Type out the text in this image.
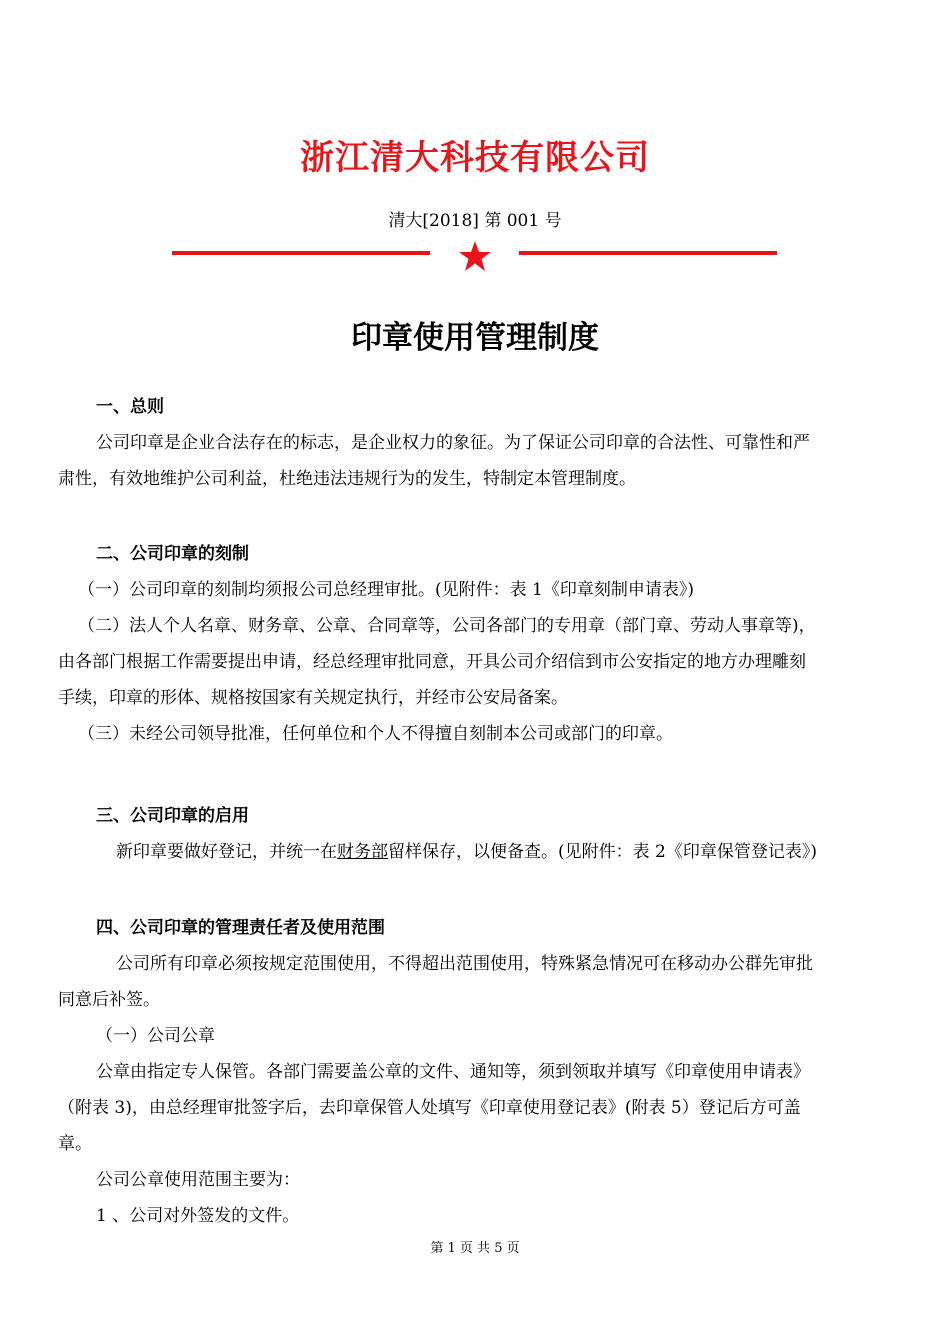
浙江清大科技有限公司
清大[2018] 第 001 号
印章使用管理制度
一、总则
公司印章是企业合法存在的标志，是企业权力的象征。为了保证公司印章的合法性、可靠性和严
肃性，有效地维护公司利益，杜绝违法违规行为的发生，特制定本管理制度。
二、公司印章的刻制
（一）公司印章的刻制均须报公司总经理审批。(见附件：表 1《印章刻制申请表》)
（二）法人个人名章、财务章、公章、合同章等，公司各部门的专用章（部门章、劳动人事章等)，
由各部门根据工作需要提出申请，经总经理审批同意，开具公司介绍信到市公安指定的地方办理雕刻
手续，印章的形体、规格按国家有关规定执行，并经市公安局备案。
（三）未经公司领导批准，任何单位和个人不得擅自刻制本公司或部门的印章。
三、公司印章的启用
新印章要做好登记，并统一在财务部留样保存，以便备查。(见附件：表 2《印章保管登记表》)
四、公司印章的管理责任者及使用范围
公司所有印章必须按规定范围使用，不得超出范围使用，特殊紧急情况可在移动办公群先审批
同意后补签。
（一）公司公章
公章由指定专人保管。各部门需要盖公章的文件、通知等，须到领取并填写《印章使用申请表》
（附表 3)，由总经理审批签字后，去印章保管人处填写《印章使用登记表》(附表 5）登记后方可盖
章。
公司公章使用范围主要为：
1 、公司对外签发的文件。
第 1 页 共 5 页
